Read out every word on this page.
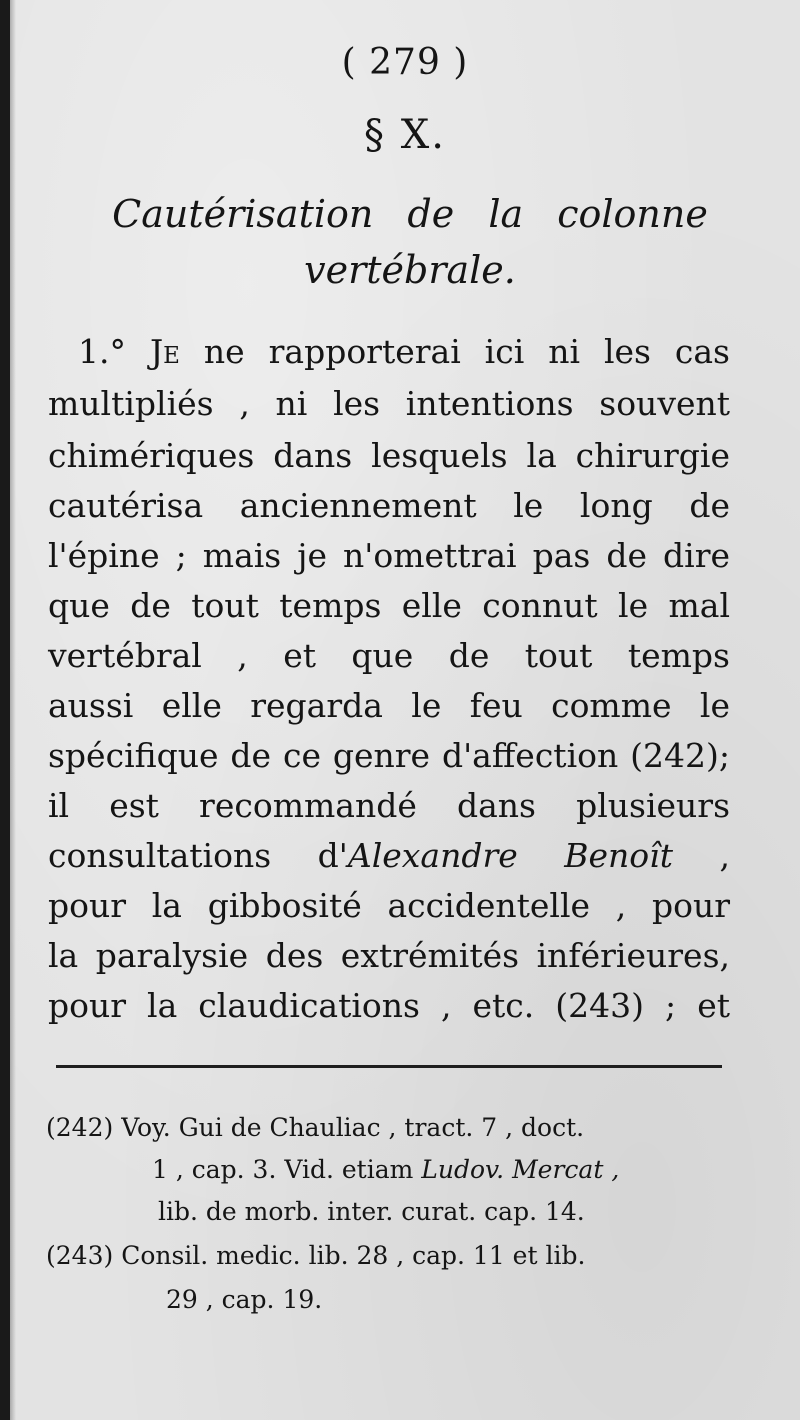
( 279 )
§ X.
Cautérisation de la colonne
vertébrale.
1.° Je ne rapporterai ici ni les cas
multipliés , ni les intentions souvent
chimériques dans lesquels la chirurgie
cautérisa anciennement le long de
l'épine ; mais je n'omettrai pas de dire
que de tout temps elle connut le mal
vertébral , et que de tout temps
aussi elle regarda le feu comme le
spécifique de ce genre d'affection (242);
il est recommandé dans plusieurs
consultations d'Alexandre Benoît ,
pour la gibbosité accidentelle , pour
la paralysie des extrémités inférieures,
pour la claudications , etc. (243) ; et
(242) Voy. Gui de Chauliac , tract. 7 , doct.
1 , cap. 3. Vid. etiam Ludov. Mercat ,
lib. de morb. inter. curat. cap. 14.
(243) Consil. medic. lib. 28 , cap. 11 et lib.
29 , cap. 19.
